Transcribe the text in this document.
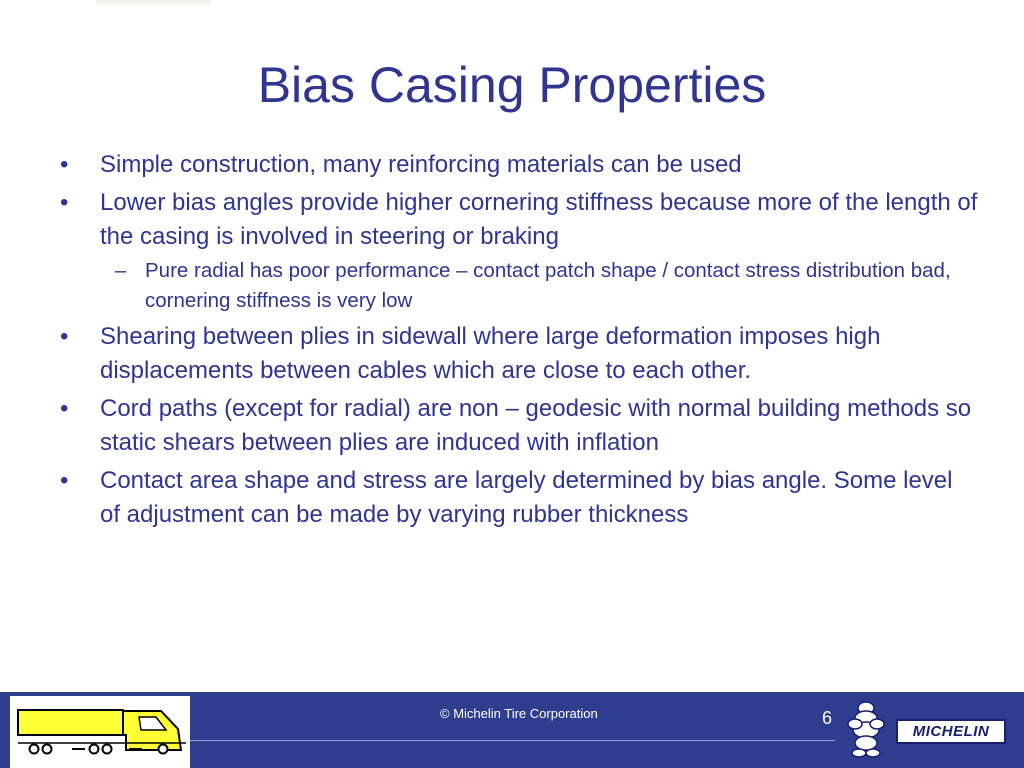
Bias Casing Properties
• Simple construction, many reinforcing materials can be used
• Lower bias angles provide higher cornering stiffness because more of the length of the casing is involved in steering or braking
– Pure radial has poor performance – contact patch shape / contact stress distribution bad, cornering stiffness is very low
• Shearing between plies in sidewall where large deformation imposes high displacements between cables which are close to each other.
• Cord paths (except for radial) are non – geodesic with normal building methods so static shears between plies are induced with inflation
• Contact area shape and stress are largely determined by bias angle. Some level of adjustment can be made by varying rubber thickness
© Michelin Tire Corporation	6
MICHELIN
